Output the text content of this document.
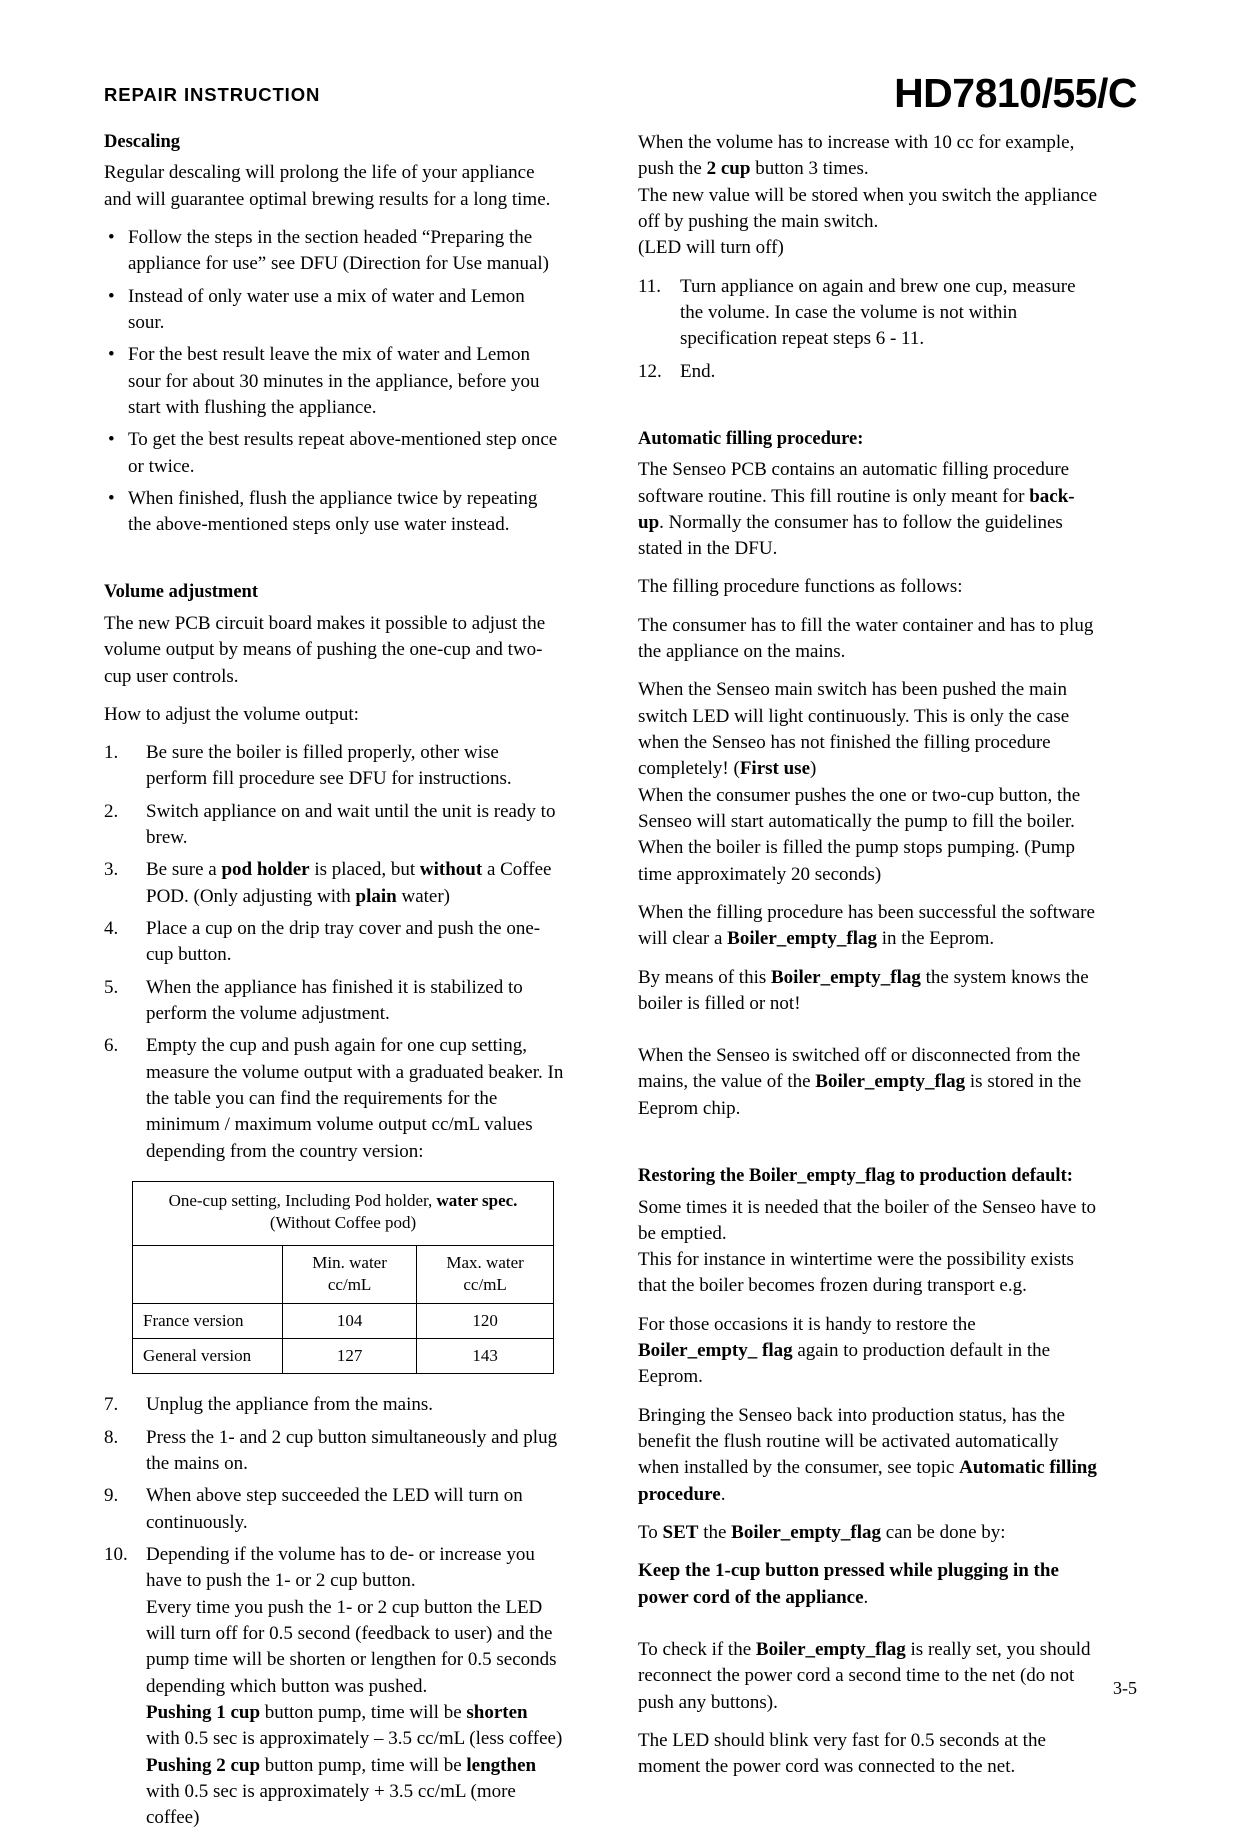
REPAIR INSTRUCTION	HD7810/55/C
Descaling

Regular descaling will prolong the life of your appliance and will guarantee optimal brewing results for a long time.

• Follow the steps in the section headed “Preparing the appliance for use” see DFU (Direction for Use manual)
• Instead of only water use a mix of water and Lemon sour.
• For the best result leave the mix of water and Lemon sour for about 30 minutes in the appliance, before you start with flushing the appliance.
• To get the best results repeat above-mentioned step once or twice.
• When finished, flush the appliance twice by repeating the above-mentioned steps only use water instead.
Volume adjustment

The new PCB circuit board makes it possible to adjust the volume output by means of pushing the one-cup and two-cup user controls.

How to adjust the volume output:

1.	Be sure the boiler is filled properly, other wise perform fill procedure see DFU for instructions.
2.	Switch appliance on and wait until the unit is ready to brew.
3.	Be sure a pod holder is placed, but without a Coffee POD. (Only adjusting with plain water)
4.	Place a cup on the drip tray cover and push the one-cup button.
5.	When the appliance has finished it is stabilized to perform the volume adjustment.
6.	Empty the cup and push again for one cup setting, measure the volume output with a graduated beaker. In the table you can find the requirements for the minimum / maximum volume output cc/mL values depending from the country version:
One-cup setting, Including Pod holder, water spec.
(Without Coffee pod)		
	Min. water cc/mL	Max. water cc/mL
France version	104	120
General version	127	143
7.	Unplug the appliance from the mains.
8.	Press the 1- and 2 cup button simultaneously and plug the mains on.
9.	When above step succeeded the LED will turn on continuously.
10. Depending if the volume has to de- or increase you have to push the 1- or 2 cup button.
Every time you push the 1- or 2 cup button the LED will turn off for 0.5 second (feedback to user) and the pump time will be shorten or lengthen for 0.5 seconds depending which button was pushed.
Pushing 1 cup button pump, time will be shorten with 0.5 sec is approximately – 3.5 cc/mL (less coffee)
Pushing 2 cup button pump, time will be lengthen with 0.5 sec is approximately + 3.5 cc/mL (more coffee)

When the volume has to increase with 10 cc for example, push the 2 cup button 3 times.
The new value will be stored when you switch the appliance off by pushing the main switch.
(LED will turn off)

11. Turn appliance on again and brew one cup, measure the volume. In case the volume is not within specification repeat steps 6 - 11.
12. End.
Automatic filling procedure:

The Senseo PCB contains an automatic filling procedure software routine. This fill routine is only meant for back-up. Normally the consumer has to follow the guidelines stated in the DFU.

The filling procedure functions as follows:

The consumer has to fill the water container and has to plug the appliance on the mains.

When the Senseo main switch has been pushed the main switch LED will light continuously. This is only the case when the Senseo has not finished the filling procedure completely! (First use)
When the consumer pushes the one or two-cup button, the Senseo will start automatically the pump to fill the boiler. When the boiler is filled the pump stops pumping. (Pump time approximately 20 seconds)

When the filling procedure has been successful the software will clear a Boiler_empty_flag in the Eeprom.

By means of this Boiler_empty_flag the system knows the boiler is filled or not!

When the Senseo is switched off or disconnected from the mains, the value of the Boiler_empty_flag is stored in the Eeprom chip.

Restoring the Boiler_empty_flag to production default:

Some times it is needed that the boiler of the Senseo have to be emptied.
This for instance in wintertime were the possibility exists that the boiler becomes frozen during transport e.g.

For those occasions it is handy to restore the Boiler_empty_ flag again to production default in the Eeprom.

Bringing the Senseo back into production status, has the benefit the flush routine will be activated automatically when installed by the consumer, see topic Automatic filling procedure.

To SET the Boiler_empty_flag can be done by:

Keep the 1-cup button pressed while plugging in the power cord of the appliance.

To check if the Boiler_empty_flag is really set, you should reconnect the power cord a second time to the net (do not push any buttons).

The LED should blink very fast for 0.5 seconds at the moment the power cord was connected to the net.

3-5
